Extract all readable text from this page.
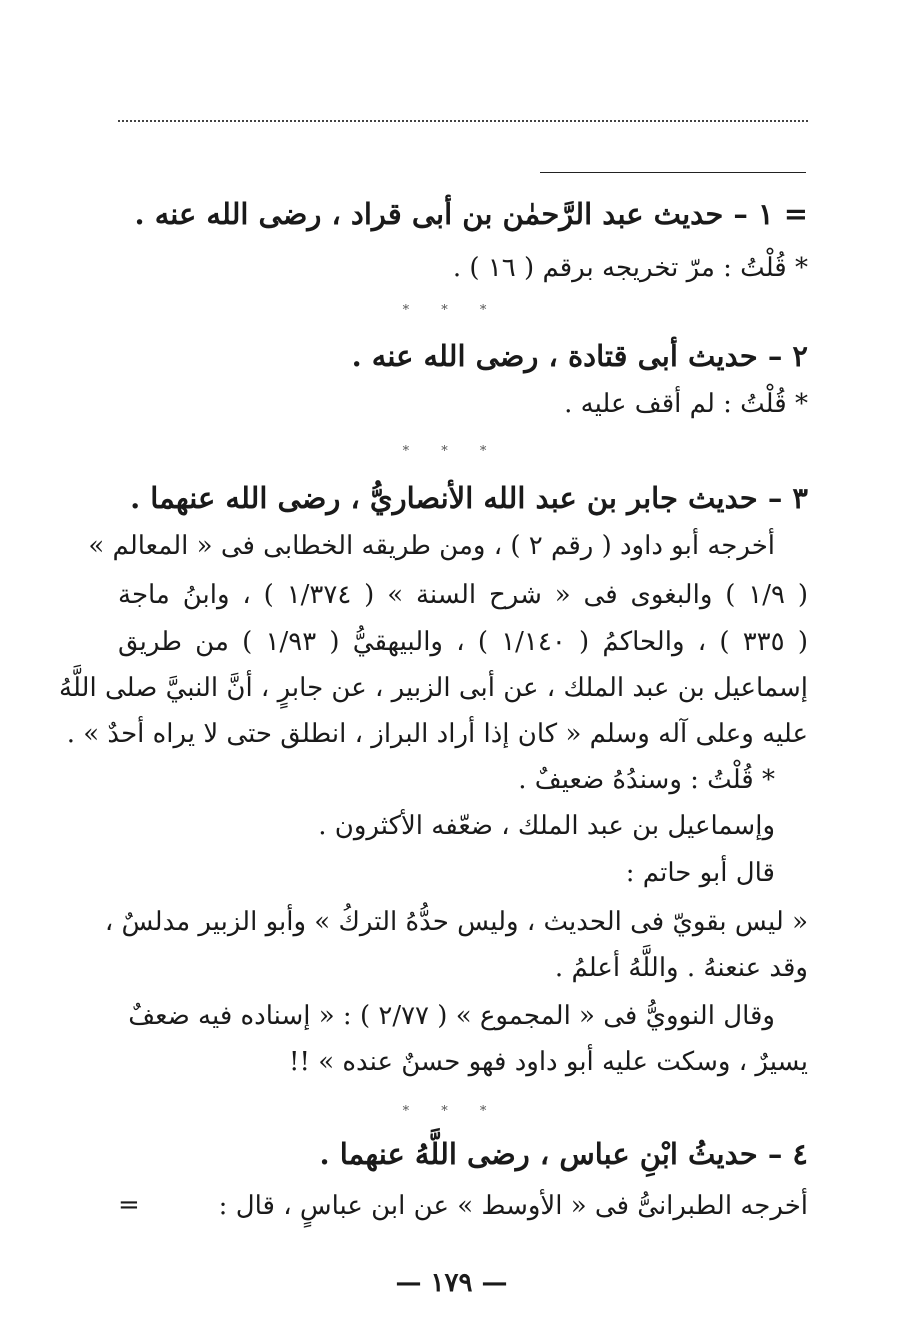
= ١ – حديث عبد الرَّحمٰن بن أبى قراد ، رضى الله عنه .
* قُلْتُ : مرّ تخريجه برقم ( ١٦ ) .
* * *
٢ – حديث أبى قتادة ، رضى الله عنه .
* قُلْتُ : لم أقف عليه .
* * *
٣ – حديث جابر بن عبد الله الأنصاريُّ ، رضى الله عنهما .
أخرجه أبو داود ( رقم ٢ ) ، ومن طريقه الخطابى فى « المعالم »
( ١/٩ ) والبغوى فى « شرح السنة » ( ١/٣٧٤ ) ، وابنُ ماجة
( ٣٣٥ ) ، والحاكمُ ( ١/١٤٠ ) ، والبيهقيُّ ( ١/٩٣ ) من طريق
إسماعيل بن عبد الملك ، عن أبى الزبير ، عن جابرٍ ، أنَّ النبيَّ صلى اللَّهُ
عليه وعلى آله وسلم « كان إذا أراد البراز ، انطلق حتى لا يراه أحدٌ » .
* قُلْتُ : وسندُهُ ضعيفٌ .
وإسماعيل بن عبد الملك ، ضعّفه الأكثرون .
قال أبو حاتم :
« ليس بقويّ فى الحديث ، وليس حدُّهُ التركُ » وأبو الزبير مدلسٌ ،
وقد عنعنهُ . واللَّهُ أعلمُ .
وقال النوويُّ فى « المجموع » ( ٢/٧٧ ) : « إسناده فيه ضعفٌ
يسيرٌ ، وسكت عليه أبو داود فهو حسنٌ عنده » !!
* * *
٤ – حديثُ ابْنِ عباس ، رضى اللَّهُ عنهما .
أخرجه الطبرانىُّ فى « الأوسط » عن ابن عباسٍ ، قال :
=
— ١٧٩ —
